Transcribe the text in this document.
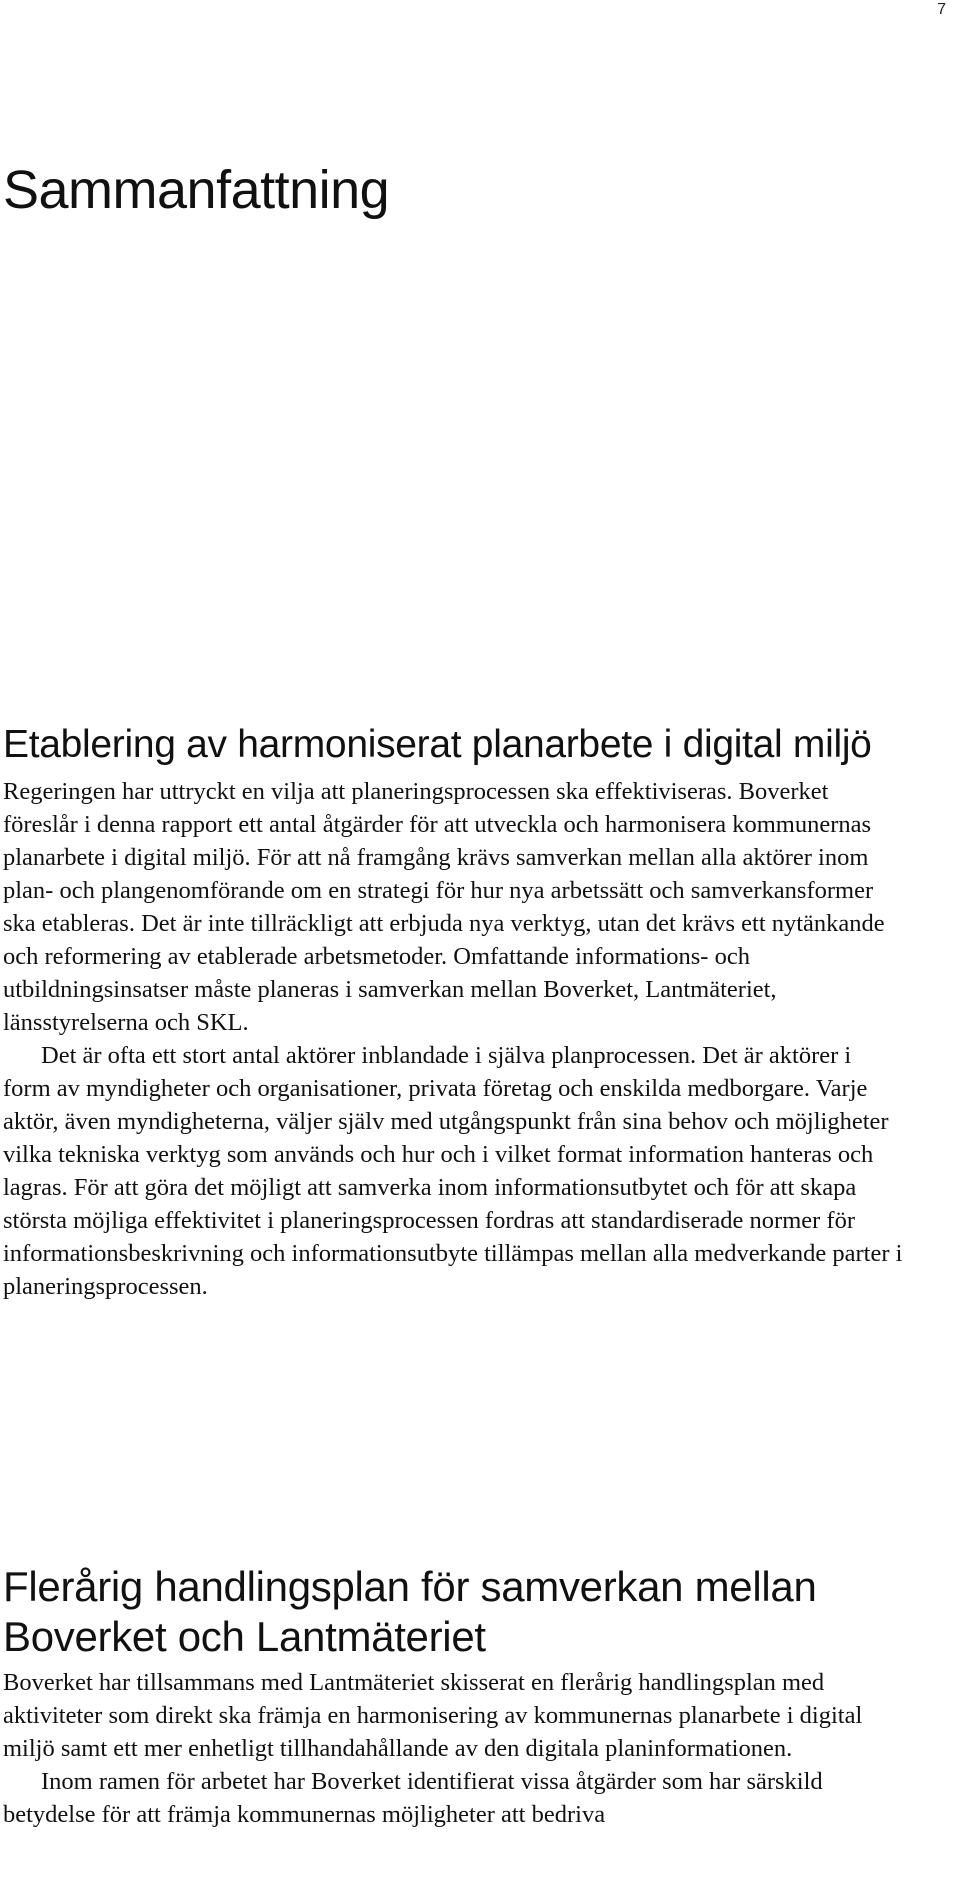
7
Sammanfattning
Etablering av harmoniserat planarbete i digital miljö

Regeringen har uttryckt en vilja att planeringsprocessen ska effektiviseras. Boverket föreslår i denna rapport ett antal åtgärder för att utveckla och harmonisera kommunernas planarbete i digital miljö. För att nå framgång krävs samverkan mellan alla aktörer inom plan- och plangenomförande om en strategi för hur nya arbetssätt och samverkansformer ska etableras. Det är inte tillräckligt att erbjuda nya verktyg, utan det krävs ett nytänkande och reformering av etablerade arbetsmetoder. Omfattande informations- och utbildningsinsatser måste planeras i samverkan mellan Boverket, Lantmäteriet, länsstyrelserna och SKL.

Det är ofta ett stort antal aktörer inblandade i själva planprocessen. Det är aktörer i form av myndigheter och organisationer, privata företag och enskilda medborgare. Varje aktör, även myndigheterna, väljer själv med utgångspunkt från sina behov och möjligheter vilka tekniska verktyg som används och hur och i vilket format information hanteras och lagras. För att göra det möjligt att samverka inom informationsutbytet och för att skapa största möjliga effektivitet i planeringsprocessen fordras att standardiserade normer för informationsbeskrivning och informationsutbyte tillämpas mellan alla medverkande parter i planeringsprocessen.

Flerårig handlingsplan för samverkan mellan Boverket och Lantmäteriet

Boverket har tillsammans med Lantmäteriet skisserat en flerårig handlingsplan med aktiviteter som direkt ska främja en harmonisering av kommunernas planarbete i digital miljö samt ett mer enhetligt tillhandahållande av den digitala planinformationen.

Inom ramen för arbetet har Boverket identifierat vissa åtgärder som har särskild betydelse för att främja kommunernas möjligheter att bedriva
